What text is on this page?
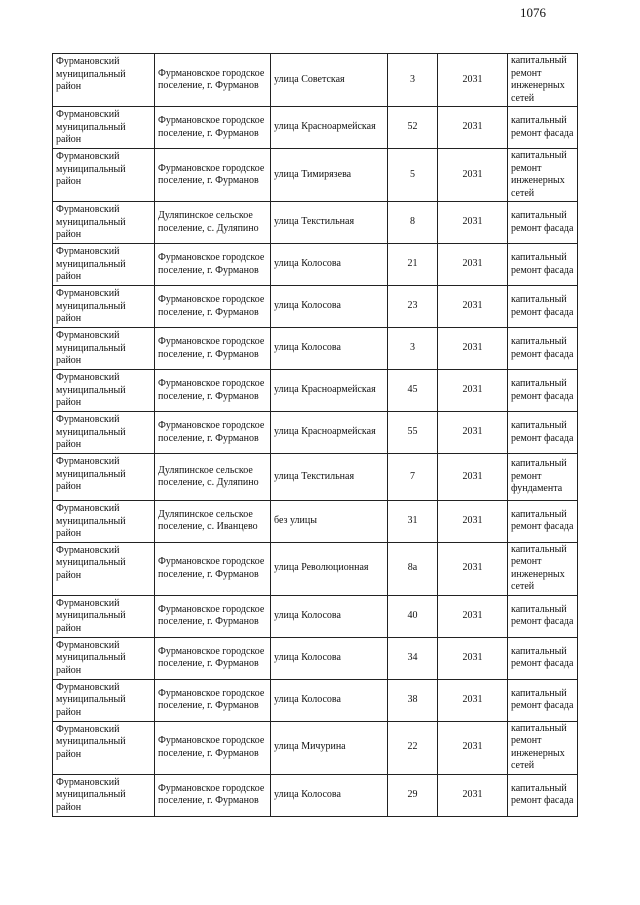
1076
Фурмановский муниципальный район	Фурмановское городское поселение, г. Фурманов	улица Советская	3	2031	капитальный ремонт инженерных сетей
Фурмановский муниципальный район	Фурмановское городское поселение, г. Фурманов	улица Красноармейская	52	2031	капитальный ремонт фасада
Фурмановский муниципальный район	Фурмановское городское поселение, г. Фурманов	улица Тимирязева	5	2031	капитальный ремонт инженерных сетей
Фурмановский муниципальный район	Дуляпинское сельское поселение, с. Дуляпино	улица Текстильная	8	2031	капитальный ремонт фасада
Фурмановский муниципальный район	Фурмановское городское поселение, г. Фурманов	улица Колосова	21	2031	капитальный ремонт фасада
Фурмановский муниципальный район	Фурмановское городское поселение, г. Фурманов	улица Колосова	23	2031	капитальный ремонт фасада
Фурмановский муниципальный район	Фурмановское городское поселение, г. Фурманов	улица Колосова	3	2031	капитальный ремонт фасада
Фурмановский муниципальный район	Фурмановское городское поселение, г. Фурманов	улица Красноармейская	45	2031	капитальный ремонт фасада
Фурмановский муниципальный район	Фурмановское городское поселение, г. Фурманов	улица Красноармейская	55	2031	капитальный ремонт фасада
Фурмановский муниципальный район	Дуляпинское сельское поселение, с. Дуляпино	улица Текстильная	7	2031	капитальный ремонт фундамента
Фурмановский муниципальный район	Дуляпинское сельское поселение, с. Иванцево	без улицы	31	2031	капитальный ремонт фасада
Фурмановский муниципальный район	Фурмановское городское поселение, г. Фурманов	улица Революционная	8а	2031	капитальный ремонт инженерных сетей
Фурмановский муниципальный район	Фурмановское городское поселение, г. Фурманов	улица Колосова	40	2031	капитальный ремонт фасада
Фурмановский муниципальный район	Фурмановское городское поселение, г. Фурманов	улица Колосова	34	2031	капитальный ремонт фасада
Фурмановский муниципальный район	Фурмановское городское поселение, г. Фурманов	улица Колосова	38	2031	капитальный ремонт фасада
Фурмановский муниципальный район	Фурмановское городское поселение, г. Фурманов	улица Мичурина	22	2031	капитальный ремонт инженерных сетей
Фурмановский муниципальный район	Фурмановское городское поселение, г. Фурманов	улица Колосова	29	2031	капитальный ремонт фасада
